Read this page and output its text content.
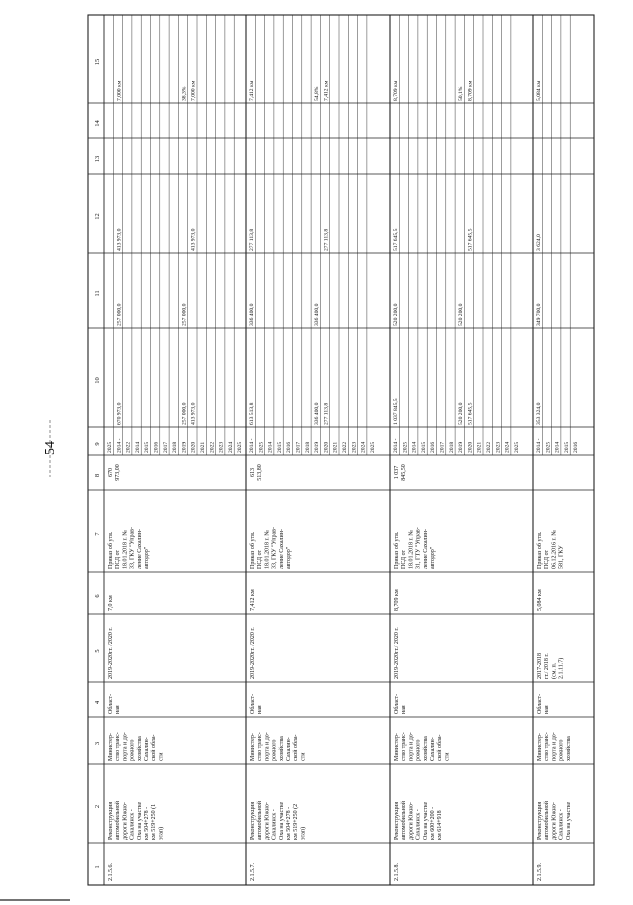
54
1
2
3
4
5
6
7
8
9
10
11
12
13
14
15
2.1.5.6.
Реконструкция автомобильной дороги Южно- Сахалинск - Оха на участке км 504+278 - км 519+250 (1 этап)
Министер- ство транс- порта и до- рожного хозяйства Сахалин- ской обла- сти
Област- ная
2019-2020гг. /2020 г.
7,0 км
Приказ об утв. ПСД от 18.01.2018 г. № 33, ГКУ "Управ- ление Сахалин- автодор"
670 973,00
2025 2014 -
670 973,0
257 000,0
413 973,0
7,000 км
2022 2014 2015 2016 2017 2018 2019
257 000,0
257 000,0
38,3%
2020
413 973,0
413 973,0
7,000 км
2021 2022 2023 2024 2025
2.1.5.7.
Реконструкция автомобильной дороги Южно- Сахалинск - Оха на участке км 504+278 - км 519+250 (2 этап)
Министер- ство транс- порта и до- рожного хозяйства Сахалин- ской обла- сти
Област- ная
2019-2020гг. /2020 г.
7,412 км
Приказ об утв. ПСД от 18.01.2018 г. № 33, ГКУ "Управ- ление Сахалин- автодор"
613 513,80
2014 -
613 513,8
336 400,0
277 113,8
7,412 км
2025 2014 2015 2016 2017 2018 2019
336 400,0
336 400,0
54,8%
2020
277 113,8
277 113,8
7,412 км
2021 2022 2023 2024 2025
2.1.5.8.
Реконструкция автомобильной дороги Южно- Сахалинск - Оха на участке км 600+200 - км 614+918
Министер- ство транс- порта и до- рожного хозяйства Сахалин- ской обла- сти
Област- ная
2019-2020гг./ 2020 г.
8,709 км
Приказ об утв. ПСД от 18.01.2018 г. № 31, ГТУ "Управ- ление Сахалин- автодор"
1 037 845,50
2014 -
1 037 845,5
520 200,0
517 645,5
8,709 км
2025 2014 2015 2016 2017 2018 2019
520 200,0
520 200,0
50,1%
2020
517 645,5
517 645,5
8,709 км
2021 2022 2023 2024 2025
2.1.5.9.
Реконструкция автомобильной дороги Южно- Сахалинск - Оха на участке
Министер- ство транс- порта и до- рожного хозяйства
Област- ная
2017-2018 гг./ 2018 г. (см. п. 2.1.11.7)
5,084 км
Приказ об утв. ПСД от 06.12.2016 г. № 581, ГКУ
2014 -
353 324,0
349 700,0
3 624,0
5,084 км
2025 2014 2015 2016
